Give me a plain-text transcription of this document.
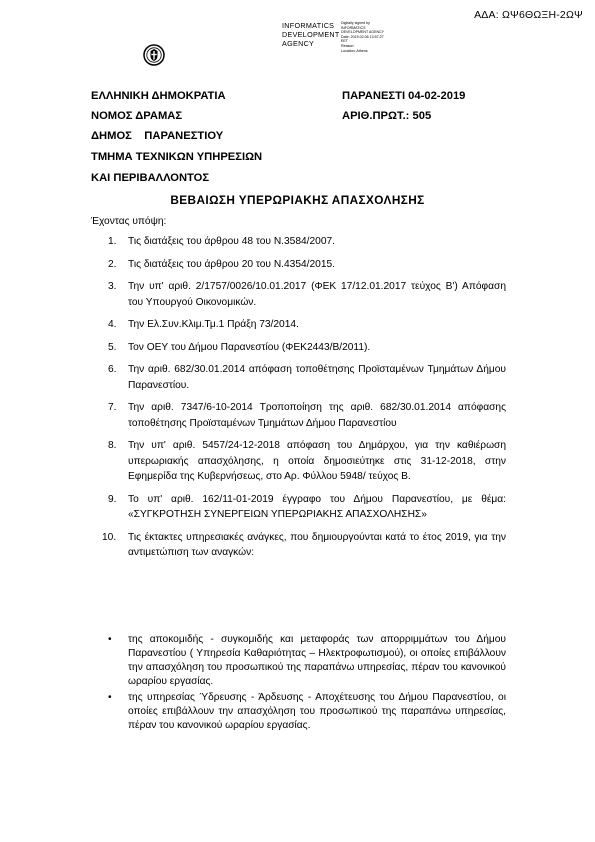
ΑΔΑ: ΩΨ6ΘΩΞΗ-2ΩΨ
INFORMATICS
DEVELOPMENT
AGENCY
Digitally signed by
INFORMATICS
DEVELOPMENT AGENCY
Date: 2019.02.06 13:57:27
EET
Reason:
Location: Athens
ΕΛΛΗΝΙΚΗ ΔΗΜΟΚΡΑΤΙΑ
ΝΟΜΟΣ ΔΡΑΜΑΣ
ΔΗΜΟΣ    ΠΑΡΑΝΕΣΤΙΟΥ
ΤΜΗΜΑ ΤΕΧΝΙΚΩΝ ΥΠΗΡΕΣΙΩΝ
ΚΑΙ ΠΕΡΙΒΑΛΛΟΝΤΟΣ
ΠΑΡΑΝΕΣΤΙ 04-02-2019
ΑΡΙΘ.ΠΡΩΤ.: 505
ΒΕΒΑΙΩΣΗ ΥΠΕΡΩΡΙΑΚΗΣ ΑΠΑΣΧΟΛΗΣΗΣ
Έχοντας υπόψη:
1. Τις διατάξεις του άρθρου 48 του Ν.3584/2007.
2. Τις διατάξεις του άρθρου 20 του Ν.4354/2015.
3. Την υπ' αριθ. 2/1757/0026/10.01.2017 (ΦΕΚ 17/12.01.2017 τεύχος Β') Απόφαση του Υπουργού Οικονομικών.
4. Την Ελ.Συν.Κλιμ.Τμ.1 Πράξη 73/2014.
5. Τον ΟΕΥ του Δήμου Παρανεστίου (ΦΕΚ2443/Β/2011).
6. Την αριθ. 682/30.01.2014 απόφαση τοποθέτησης Προϊσταμένων Τμημάτων Δήμου Παρανεστίου.
7. Την αριθ. 7347/6-10-2014 Τροποποίηση της αριθ. 682/30.01.2014 απόφασης τοποθέτησης Προϊσταμένων Τμημάτων Δήμου Παρανεστίου
8. Την υπ' αριθ. 5457/24-12-2018 απόφαση του Δημάρχου, για την καθιέρωση υπερωριακής απασχόλησης, η οποία δημοσιεύτηκε στις 31-12-2018, στην Εφημερίδα της Κυβερνήσεως, στο Αρ. Φύλλου 5948/ τεύχος Β.
9. Το υπ' αριθ. 162/11-01-2019 έγγραφο του Δήμου Παρανεστίου, με θέμα: «ΣΥΓΚΡΟΤΗΣΗ ΣΥΝΕΡΓΕΙΩΝ ΥΠΕΡΩΡΙΑΚΗΣ ΑΠΑΣΧΟΛΗΣΗΣ»
10. Τις έκτακτες υπηρεσιακές ανάγκες, που δημιουργούνται κατά το έτος 2019, για την αντιμετώπιση των αναγκών:
• της αποκομιδής - συγκομιδής και μεταφοράς των απορριμμάτων του Δήμου Παρανεστίου ( Υπηρεσία Καθαριότητας – Ηλεκτροφωτισμού), οι οποίες επιβάλλουν την απασχόληση του προσωπικού της παραπάνω υπηρεσίας, πέραν του κανονικού ωραρίου εργασίας.
• της υπηρεσίας Ύδρευσης - Άρδευσης - Αποχέτευσης του Δήμου Παρανεστίου, οι οποίες επιβάλλουν την απασχόληση του προσωπικού της παραπάνω υπηρεσίας, πέραν του κανονικού ωραρίου εργασίας.
